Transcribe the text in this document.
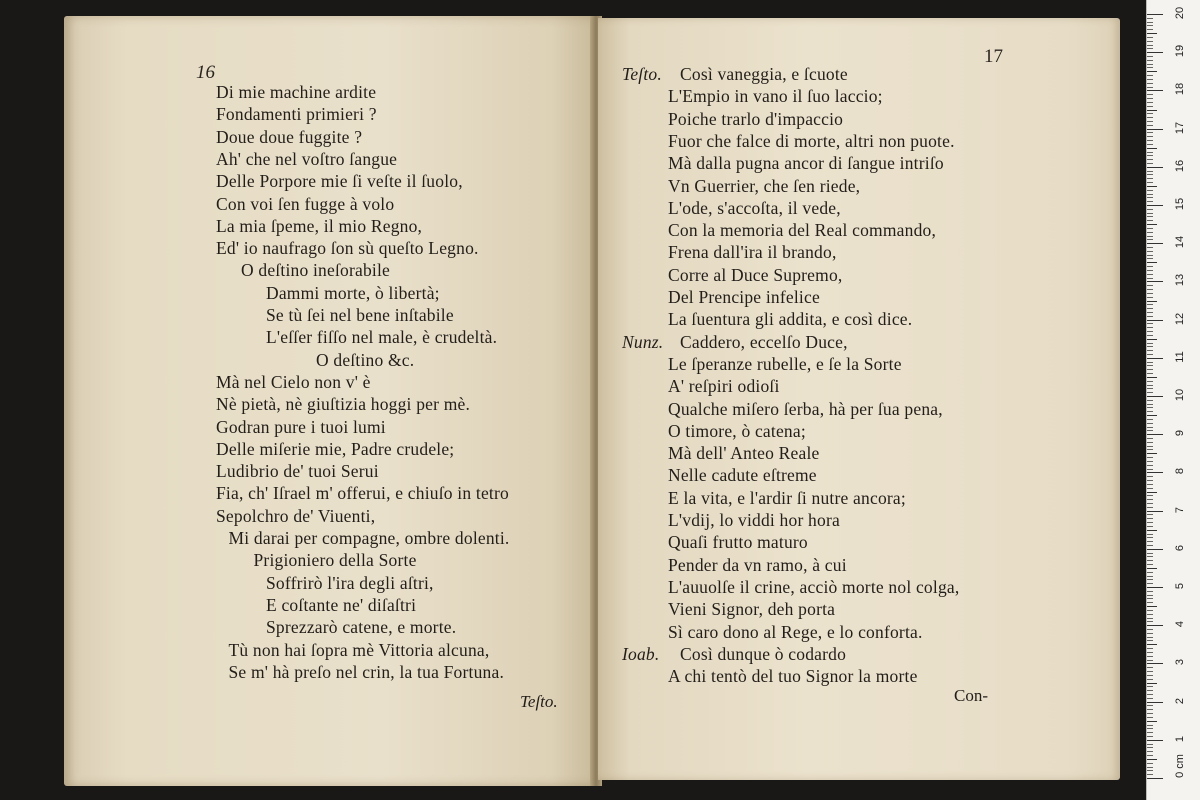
16
Di mie machine ardite
Fondamenti primieri ?
Doue doue fuggite ?
Ah' che nel voſtro ſangue
Delle Porpore mie ſi veſte il ſuolo,
Con voi ſen fugge à volo
La mia ſpeme, il mio Regno,
Ed' io naufrago ſon sù queſto Legno.
O deſtino ineſorabile
Dammi morte, ò libertà;
Se tù ſei nel bene inſtabile
L'eſſer fiſſo nel male, è crudeltà.
O deſtino &c.
Mà nel Cielo non v' è
Nè pietà, nè giuſtizia hoggi per mè.
Godran pure i tuoi lumi
Delle miſerie mie, Padre crudele;
Ludibrio de' tuoi Serui
Fia, ch' Iſrael m' offerui, e chiuſo in tetro
Sepolchro de' Viuenti,
Mi darai per compagne, ombre dolenti.
Prigioniero della Sorte
Soffrirò l'ira degli aſtri,
E coſtante ne' diſaſtri
Sprezzarò catene, e morte.
Tù non hai ſopra mè Vittoria alcuna,
Se m' hà preſo nel crin, la tua Fortuna.
Teſto.
17
Teſto. Così vaneggia, e ſcuote
L'Empio in vano il ſuo laccio;
Poiche trarlo d'impaccio
Fuor che falce di morte, altri non puote.
Mà dalla pugna ancor di ſangue intriſo
Vn Guerrier, che ſen riede,
L'ode, s'accoſta, il vede,
Con la memoria del Real commando,
Frena dall'ira il brando,
Corre al Duce Supremo,
Del Prencipe infelice
La ſuentura gli addita, e così dice.
Nunz. Caddero, eccelſo Duce,
Le ſperanze rubelle, e ſe la Sorte
A' reſpiri odioſi
Qualche miſero ſerba, hà per ſua pena,
O timore, ò catena;
Mà dell' Anteo Reale
Nelle cadute eſtreme
E la vita, e l'ardir ſi nutre ancora;
L'vdij, lo viddi hor hora
Quaſi frutto maturo
Pender da vn ramo, à cui
L'auuolſe il crine, acciò morte nol colga,
Vieni Signor, deh porta
Sì caro dono al Rege, e lo conforta.
Ioab. Così dunque ò codardo
A chi tentò del tuo Signor la morte
Con-
0 cm
1
2
3
4
5
6
7
8
9
10
11
12
13
14
15
16
17
18
19
20
